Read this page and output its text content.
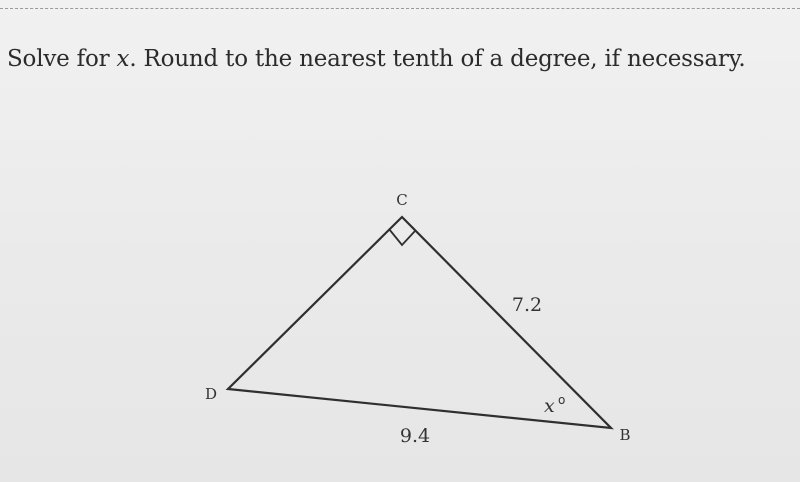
Solve for x. Round to the nearest tenth of a degree, if necessary.
C
D
B
7.2
9.4
x o
